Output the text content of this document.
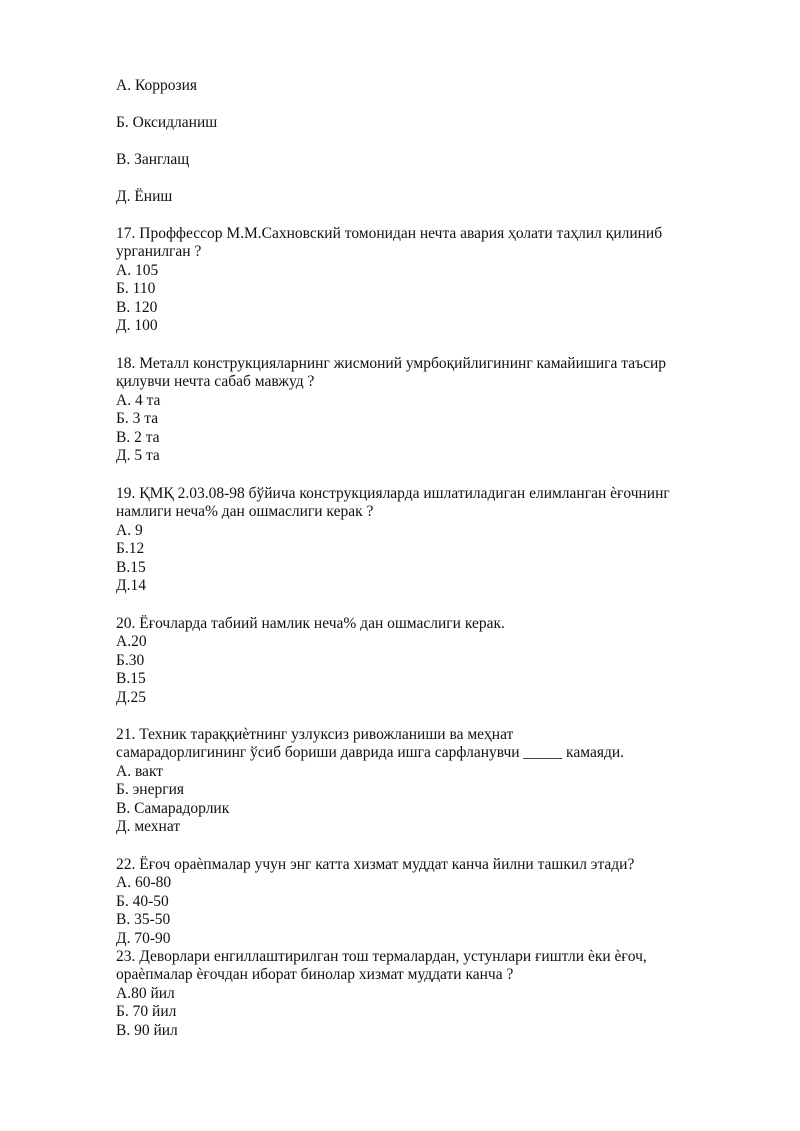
А. Коррозия
Б. Оксидланиш
В. Занглащ
Д. Ёниш
17. Проффессор М.М.Сахновский томонидан нечта авария ҳолати таҳлил қилиниб
урганилган ?
А. 105
Б. 110
В. 120
Д. 100
18. Металл конструкцияларнинг жисмоний умрбоқийлигининг камайишига таъсир
қилувчи нечта сабаб мавжуд ?
А. 4 та
Б. 3 та
В. 2 та
Д. 5 та
19. ҚМҚ 2.03.08-98 бўйича конструкцияларда ишлатиладиган елимланган ѐғочнинг
намлиги неча% дан ошмаслиги керак ?
А. 9
Б.12
В.15
Д.14
20. Ёғочларда табиий намлик неча% дан ошмаслиги керак.
А.20
Б.30
В.15
Д.25
21. Техник тараққиѐтнинг узлуксиз ривожланиши ва меҳнат
самарадорлигининг ўсиб бориши даврида ишга сарфланувчи _____ камаяди.
А. вакт
Б. энергия
В. Самарадорлик
Д. мехнат
22. Ёғоч ораѐпмалар учун энг катта хизмат муддат канча йилни ташкил этади?
А. 60-80
Б. 40-50
В. 35-50
Д. 70-90
23. Деворлари енгиллаштирилган тош термалардан, устунлари ғиштли ѐки ѐғоч,
ораѐпмалар ѐғочдан иборат бинолар хизмат муддати канча ?
А.80 йил
Б. 70 йил
В. 90 йил
